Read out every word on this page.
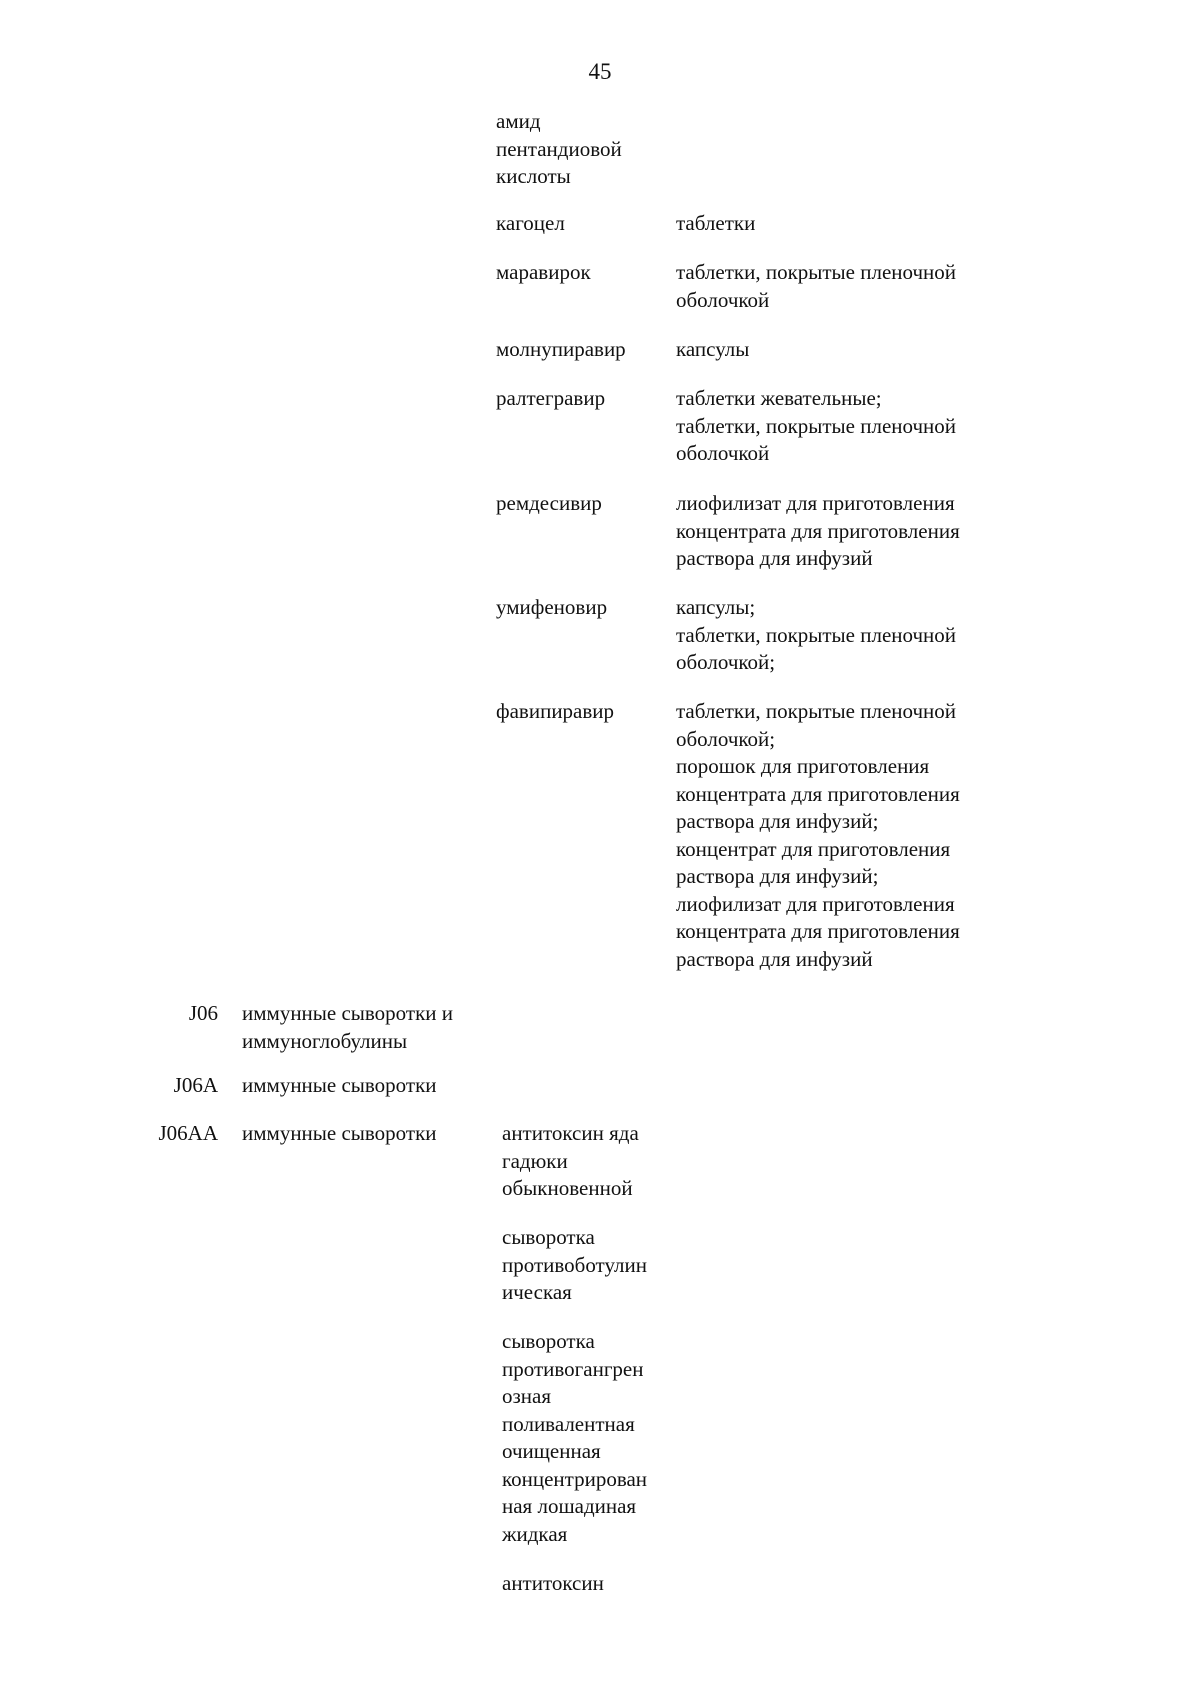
45
амид
пентандиовой
кислоты
кагоцел	таблетки
маравирок	таблетки, покрытые пленочной
оболочкой
молнупиравир	капсулы
ралтегравир	таблетки жевательные;
таблетки, покрытые пленочной
оболочкой
ремдесивир	лиофилизат для приготовления
концентрата для приготовления
раствора для инфузий
умифеновир	капсулы;
таблетки, покрытые пленочной
оболочкой;
фавипиравир	таблетки, покрытые пленочной
оболочкой;
порошок для приготовления
концентрата для приготовления
раствора для инфузий;
концентрат для приготовления
раствора для инфузий;
лиофилизат для приготовления
концентрата для приготовления
раствора для инфузий
J06 иммунные сыворотки и
иммуноглобулины
J06A иммунные сыворотки
J06AA иммунные сыворотки	антитоксин яда
гадюки
обыкновенной
сыворотка
противоботулин
ическая
сыворотка
противогангрен
озная
поливалентная
очищенная
концентрирован
ная лошадиная
жидкая
антитоксин
